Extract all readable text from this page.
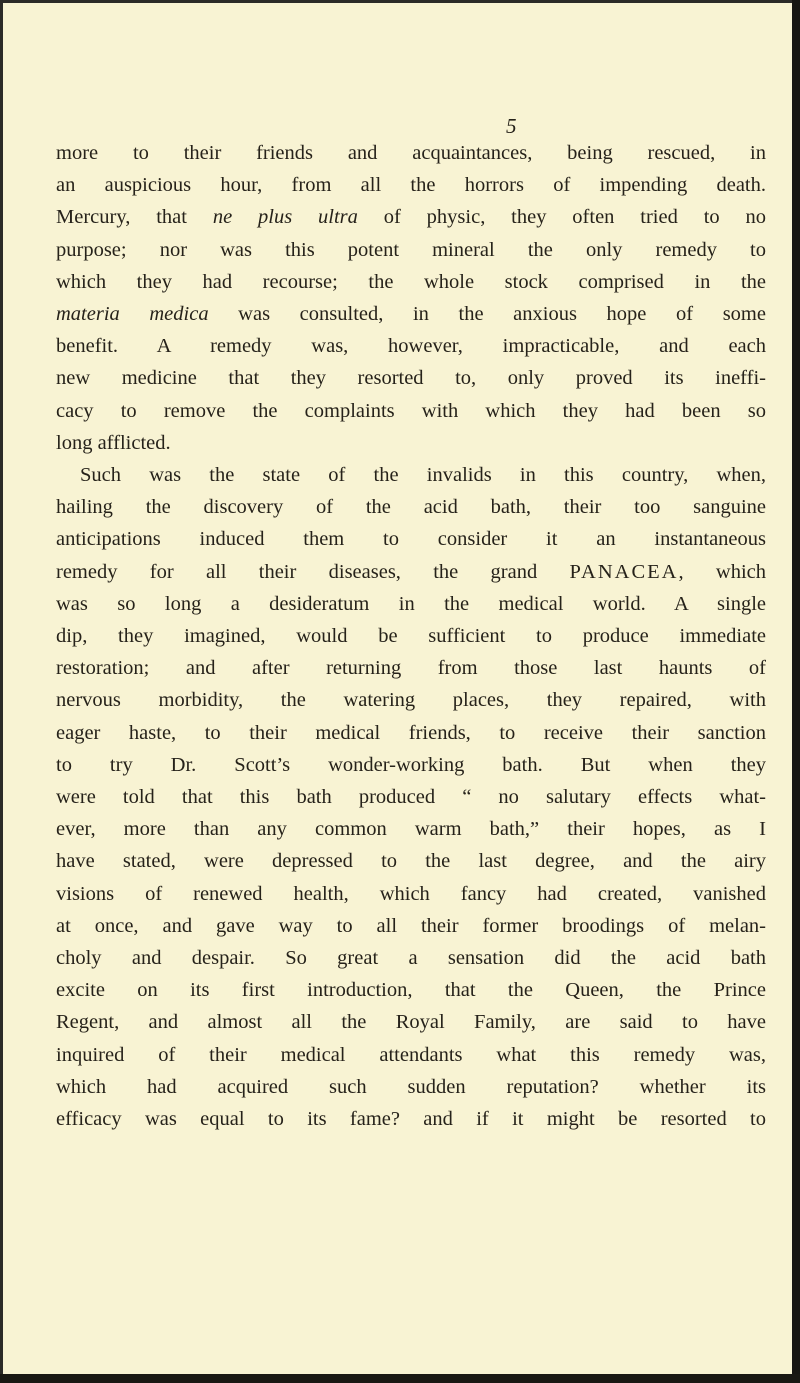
5
more to their friends and acquaintances, being rescued, in
an auspicious hour, from all the horrors of impending death.
Mercury, that ne plus ultra of physic, they often tried to no
purpose; nor was this potent mineral the only remedy to
which they had recourse; the whole stock comprised in the
materia medica was consulted, in the anxious hope of some
benefit. A remedy was, however, impracticable, and each
new medicine that they resorted to, only proved its ineffi-
cacy to remove the complaints with which they had been so
long afflicted.
Such was the state of the invalids in this country, when,
hailing the discovery of the acid bath, their too sanguine
anticipations induced them to consider it an instantaneous
remedy for all their diseases, the grand PANACEA, which
was so long a desideratum in the medical world. A single
dip, they imagined, would be sufficient to produce immediate
restoration; and after returning from those last haunts of
nervous morbidity, the watering places, they repaired, with
eager haste, to their medical friends, to receive their sanction
to try Dr. Scott’s wonder-working bath. But when they
were told that this bath produced “ no salutary effects what-
ever, more than any common warm bath,” their hopes, as I
have stated, were depressed to the last degree, and the airy
visions of renewed health, which fancy had created, vanished
at once, and gave way to all their former broodings of melan-
choly and despair. So great a sensation did the acid bath
excite on its first introduction, that the Queen, the Prince
Regent, and almost all the Royal Family, are said to have
inquired of their medical attendants what this remedy was,
which had acquired such sudden reputation? whether its
efficacy was equal to its fame? and if it might be resorted to
